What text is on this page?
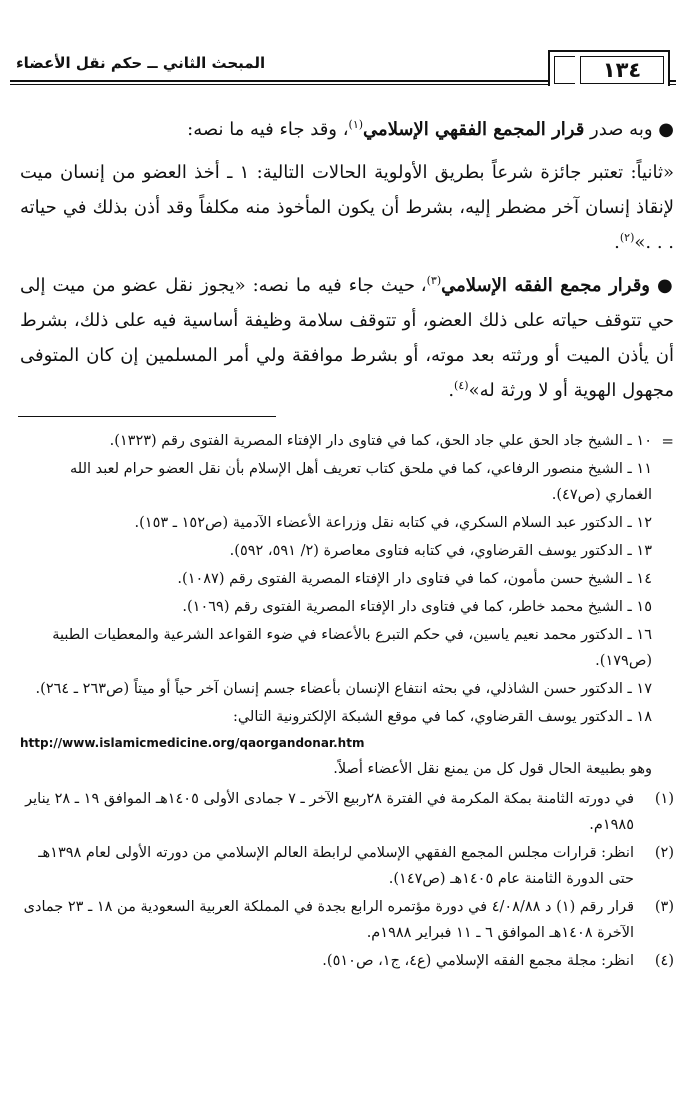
المبحث الثاني ــ حكم نقل الأعضاء	١٣٤

● وبه صدر قرار المجمع الفقهي الإسلامي$^{(١)}$، وقد جاء فيه ما نصه:

«ثانياً: تعتبر جائزة شرعاً بطريق الأولوية الحالات التالية: ١ ـ أخذ العضو من إنسان ميت لإنقاذ إنسان آخر مضطر إليه، بشرط أن يكون المأخوذ منه مكلفاً وقد أذن بذلك في حياته . . .»$^{(٢)}$.

● وقرار مجمع الفقه الإسلامي$^{(٣)}$، حيث جاء فيه ما نصه: «يجوز نقل عضو من ميت إلى حي تتوقف حياته على ذلك العضو، أو تتوقف سلامة وظيفة أساسية فيه على ذلك، بشرط أن يأذن الميت أو ورثته بعد موته، أو بشرط موافقة ولي أمر المسلمين إن كان المتوفى مجهول الهوية أو لا ورثة له»$^{(٤)}$.

=
١٠ ـ الشيخ جاد الحق علي جاد الحق، كما في فتاوى دار الإفتاء المصرية الفتوى رقم (١٣٢٣).
١١ ـ الشيخ منصور الرفاعي، كما في ملحق كتاب تعريف أهل الإسلام بأن نقل العضو حرام لعبد الله الغماري (ص٤٧).
١٢ ـ الدكتور عبد السلام السكري، في كتابه نقل وزراعة الأعضاء الآدمية (ص١٥٢ ـ ١٥٣).
١٣ ـ الدكتور يوسف القرضاوي، في كتابه فتاوى معاصرة (٢/ ٥٩١، ٥٩٢).
١٤ ـ الشيخ حسن مأمون، كما في فتاوى دار الإفتاء المصرية الفتوى رقم (١٠٨٧).
١٥ ـ الشيخ محمد خاطر، كما في فتاوى دار الإفتاء المصرية الفتوى رقم (١٠٦٩).
١٦ ـ الدكتور محمد نعيم ياسين، في حكم التبرع بالأعضاء في ضوء القواعد الشرعية والمعطيات الطبية (ص١٧٩).
١٧ ـ الدكتور حسن الشاذلي، في بحثه انتفاع الإنسان بأعضاء جسم إنسان آخر حياً أو ميتاً (ص٢٦٣ ـ ٢٦٤).
١٨ ـ الدكتور يوسف القرضاوي، كما في موقع الشبكة الإلكترونية التالي:
http://www.islamicmedicine.org/qaorgandonar.htm
وهو بطبيعة الحال قول كل من يمنع نقل الأعضاء أصلاً.
(١)
في دورته الثامنة بمكة المكرمة في الفترة ٢٨ربيع الآخر ـ ٧ جمادى الأولى ١٤٠٥هـ الموافق ١٩ ـ ٢٨ يناير ١٩٨٥م.
(٢)
انظر: قرارات مجلس المجمع الفقهي الإسلامي لرابطة العالم الإسلامي من دورته الأولى لعام ١٣٩٨هـ حتى الدورة الثامنة عام ١٤٠٥هـ (ص١٤٧).
(٣)
قرار رقم (١) د ٤/٠٨/٨٨ في دورة مؤتمره الرابع بجدة في المملكة العربية السعودية من ١٨ ـ ٢٣ جمادى الآخرة ١٤٠٨هـ الموافق ٦ ـ ١١ فبراير ١٩٨٨م.
(٤)
انظر: مجلة مجمع الفقه الإسلامي (ع٤، ج١، ص٥١٠).
